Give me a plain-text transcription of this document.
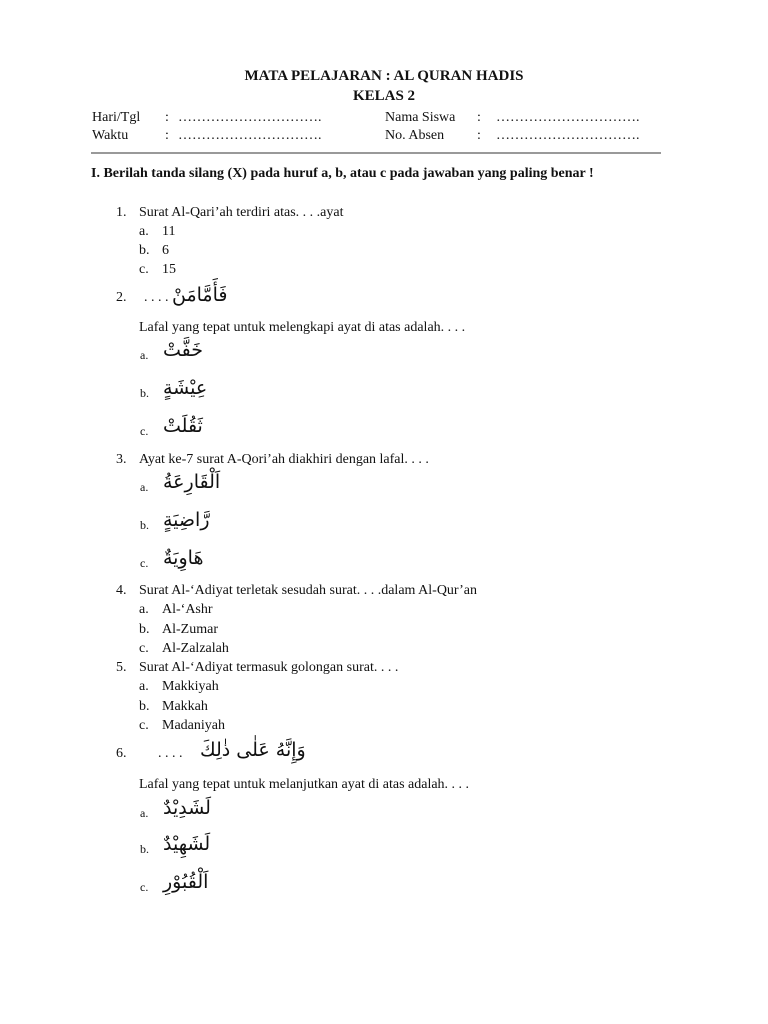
MATA PELAJARAN : AL QURAN HADIS
KELAS 2
Hari/Tgl : ………………………….
Waktu	: ………………………….
Nama Siswa : ………………………….
No. Absen : ………………………….
I. Berilah tanda silang (X) pada huruf a, b, atau c pada jawaban yang paling benar !
1. Surat Al-Qari’ah terdiri atas. . . .ayat
a. 11
b. 6
c. 15
2. . . . . فَأَمَّامَنْ
Lafal yang tepat untuk melengkapi ayat di atas adalah. . . .
a. خَفَّتْ
b. عِيْشَةٍ
c. ثَقُلَتْ
3. Ayat ke-7 surat A-Qori’ah diakhiri dengan lafal. . . .
a. اَلْقَارِعَةُ
b. رَّاضِيَةٍ
c. هَاوِيَةٌ
4. Surat Al-‘Adiyat terletak sesudah surat. . . .dalam Al-Qur’an
a. Al-‘Ashr
b. Al-Zumar
c. Al-Zalzalah
5. Surat Al-‘Adiyat termasuk golongan surat. . . .
a. Makkiyah
b. Makkah
c. Madaniyah
6. . . . . وَإِنَّهُ عَلٰى ذٰلِكَ
Lafal yang tepat untuk melanjutkan ayat di atas adalah. . . .
a. لَشَدِيْدٌ
b. لَشَهِيْدٌ
c. اَلْقُبُوْرِ
